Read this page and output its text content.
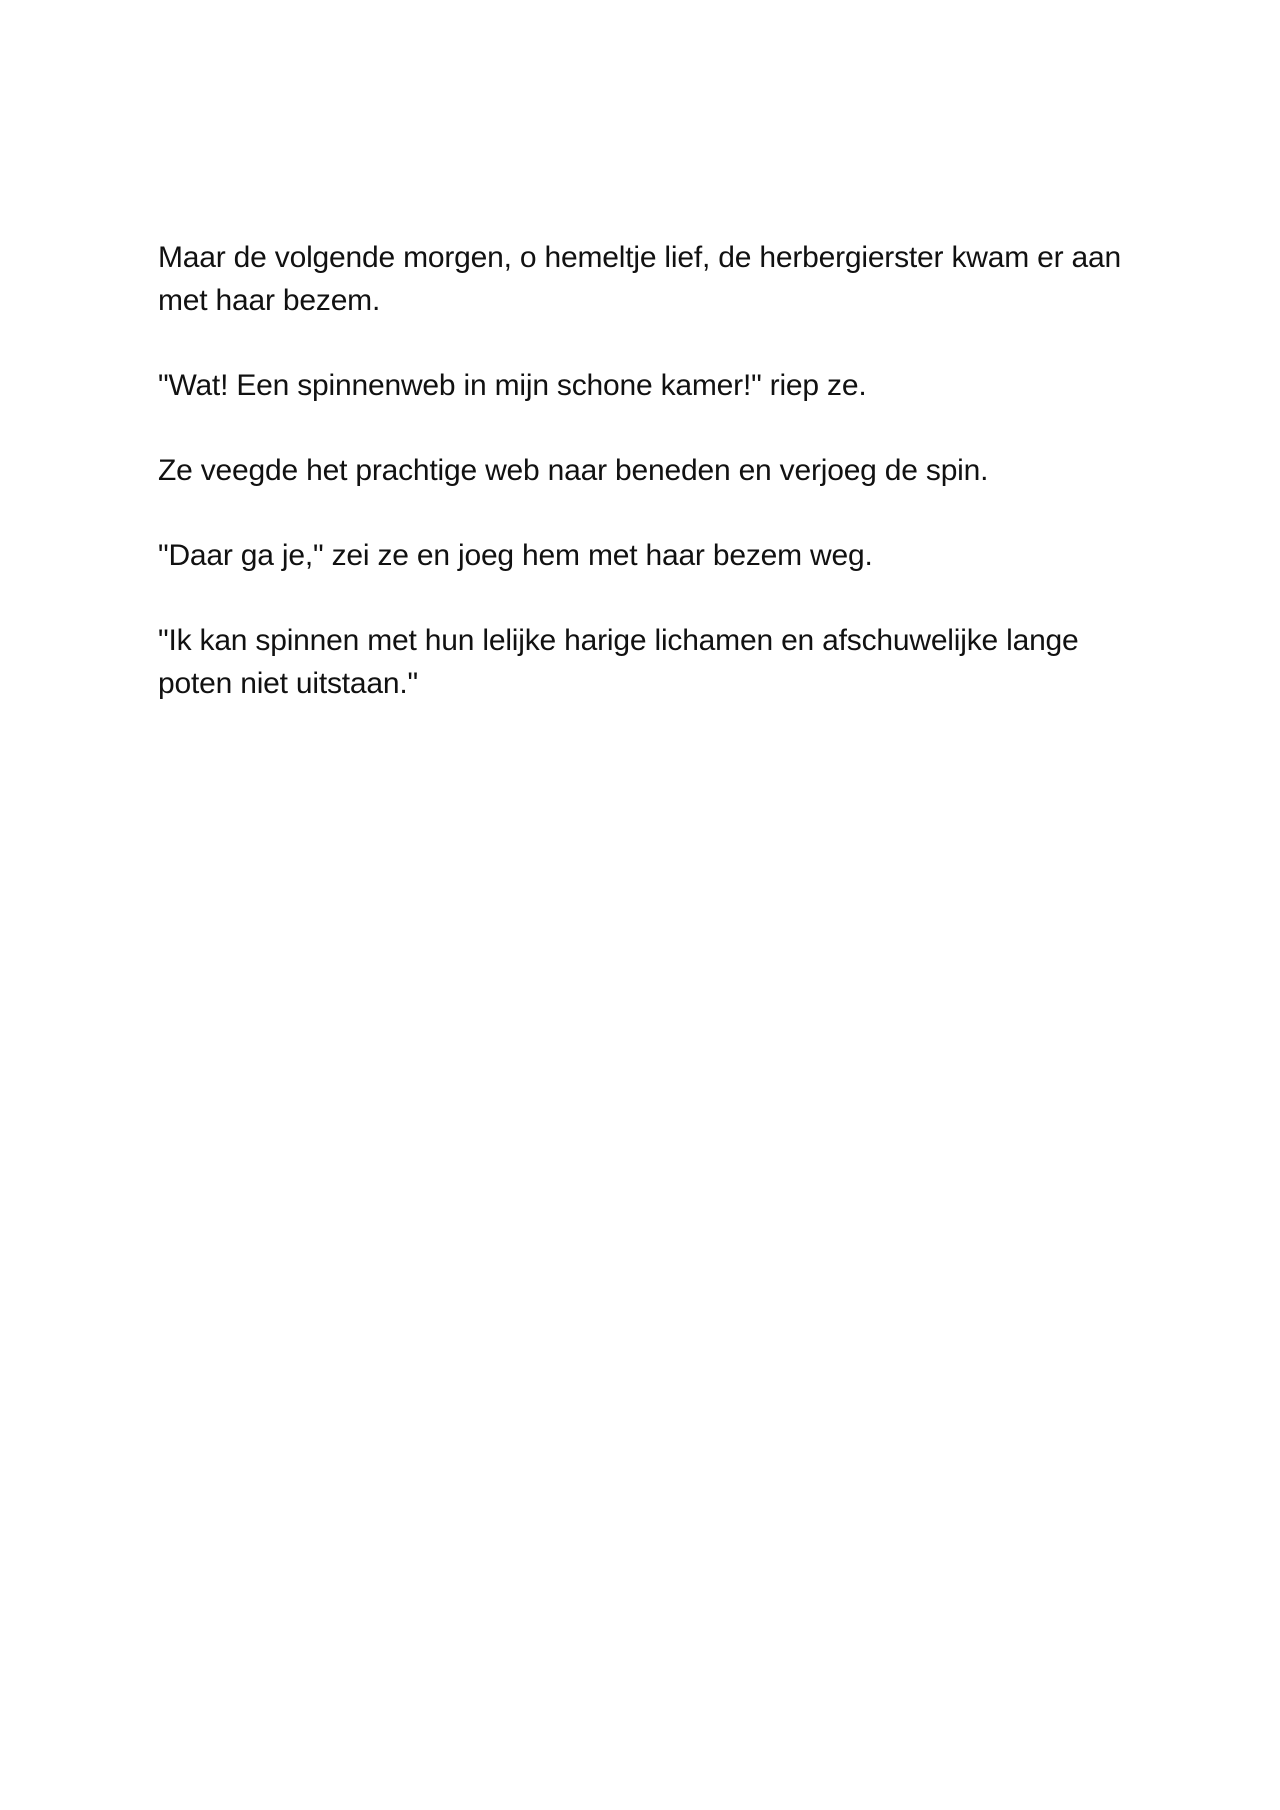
Maar de volgende morgen, o hemeltje lief, de herbergierster kwam er aan met haar bezem.

"Wat! Een spinnenweb in mijn schone kamer!" riep ze.

Ze veegde het prachtige web naar beneden en verjoeg de spin.

"Daar ga je," zei ze en joeg hem met haar bezem weg.

"Ik kan spinnen met hun lelijke harige lichamen en afschuwelijke lange poten niet uitstaan."
